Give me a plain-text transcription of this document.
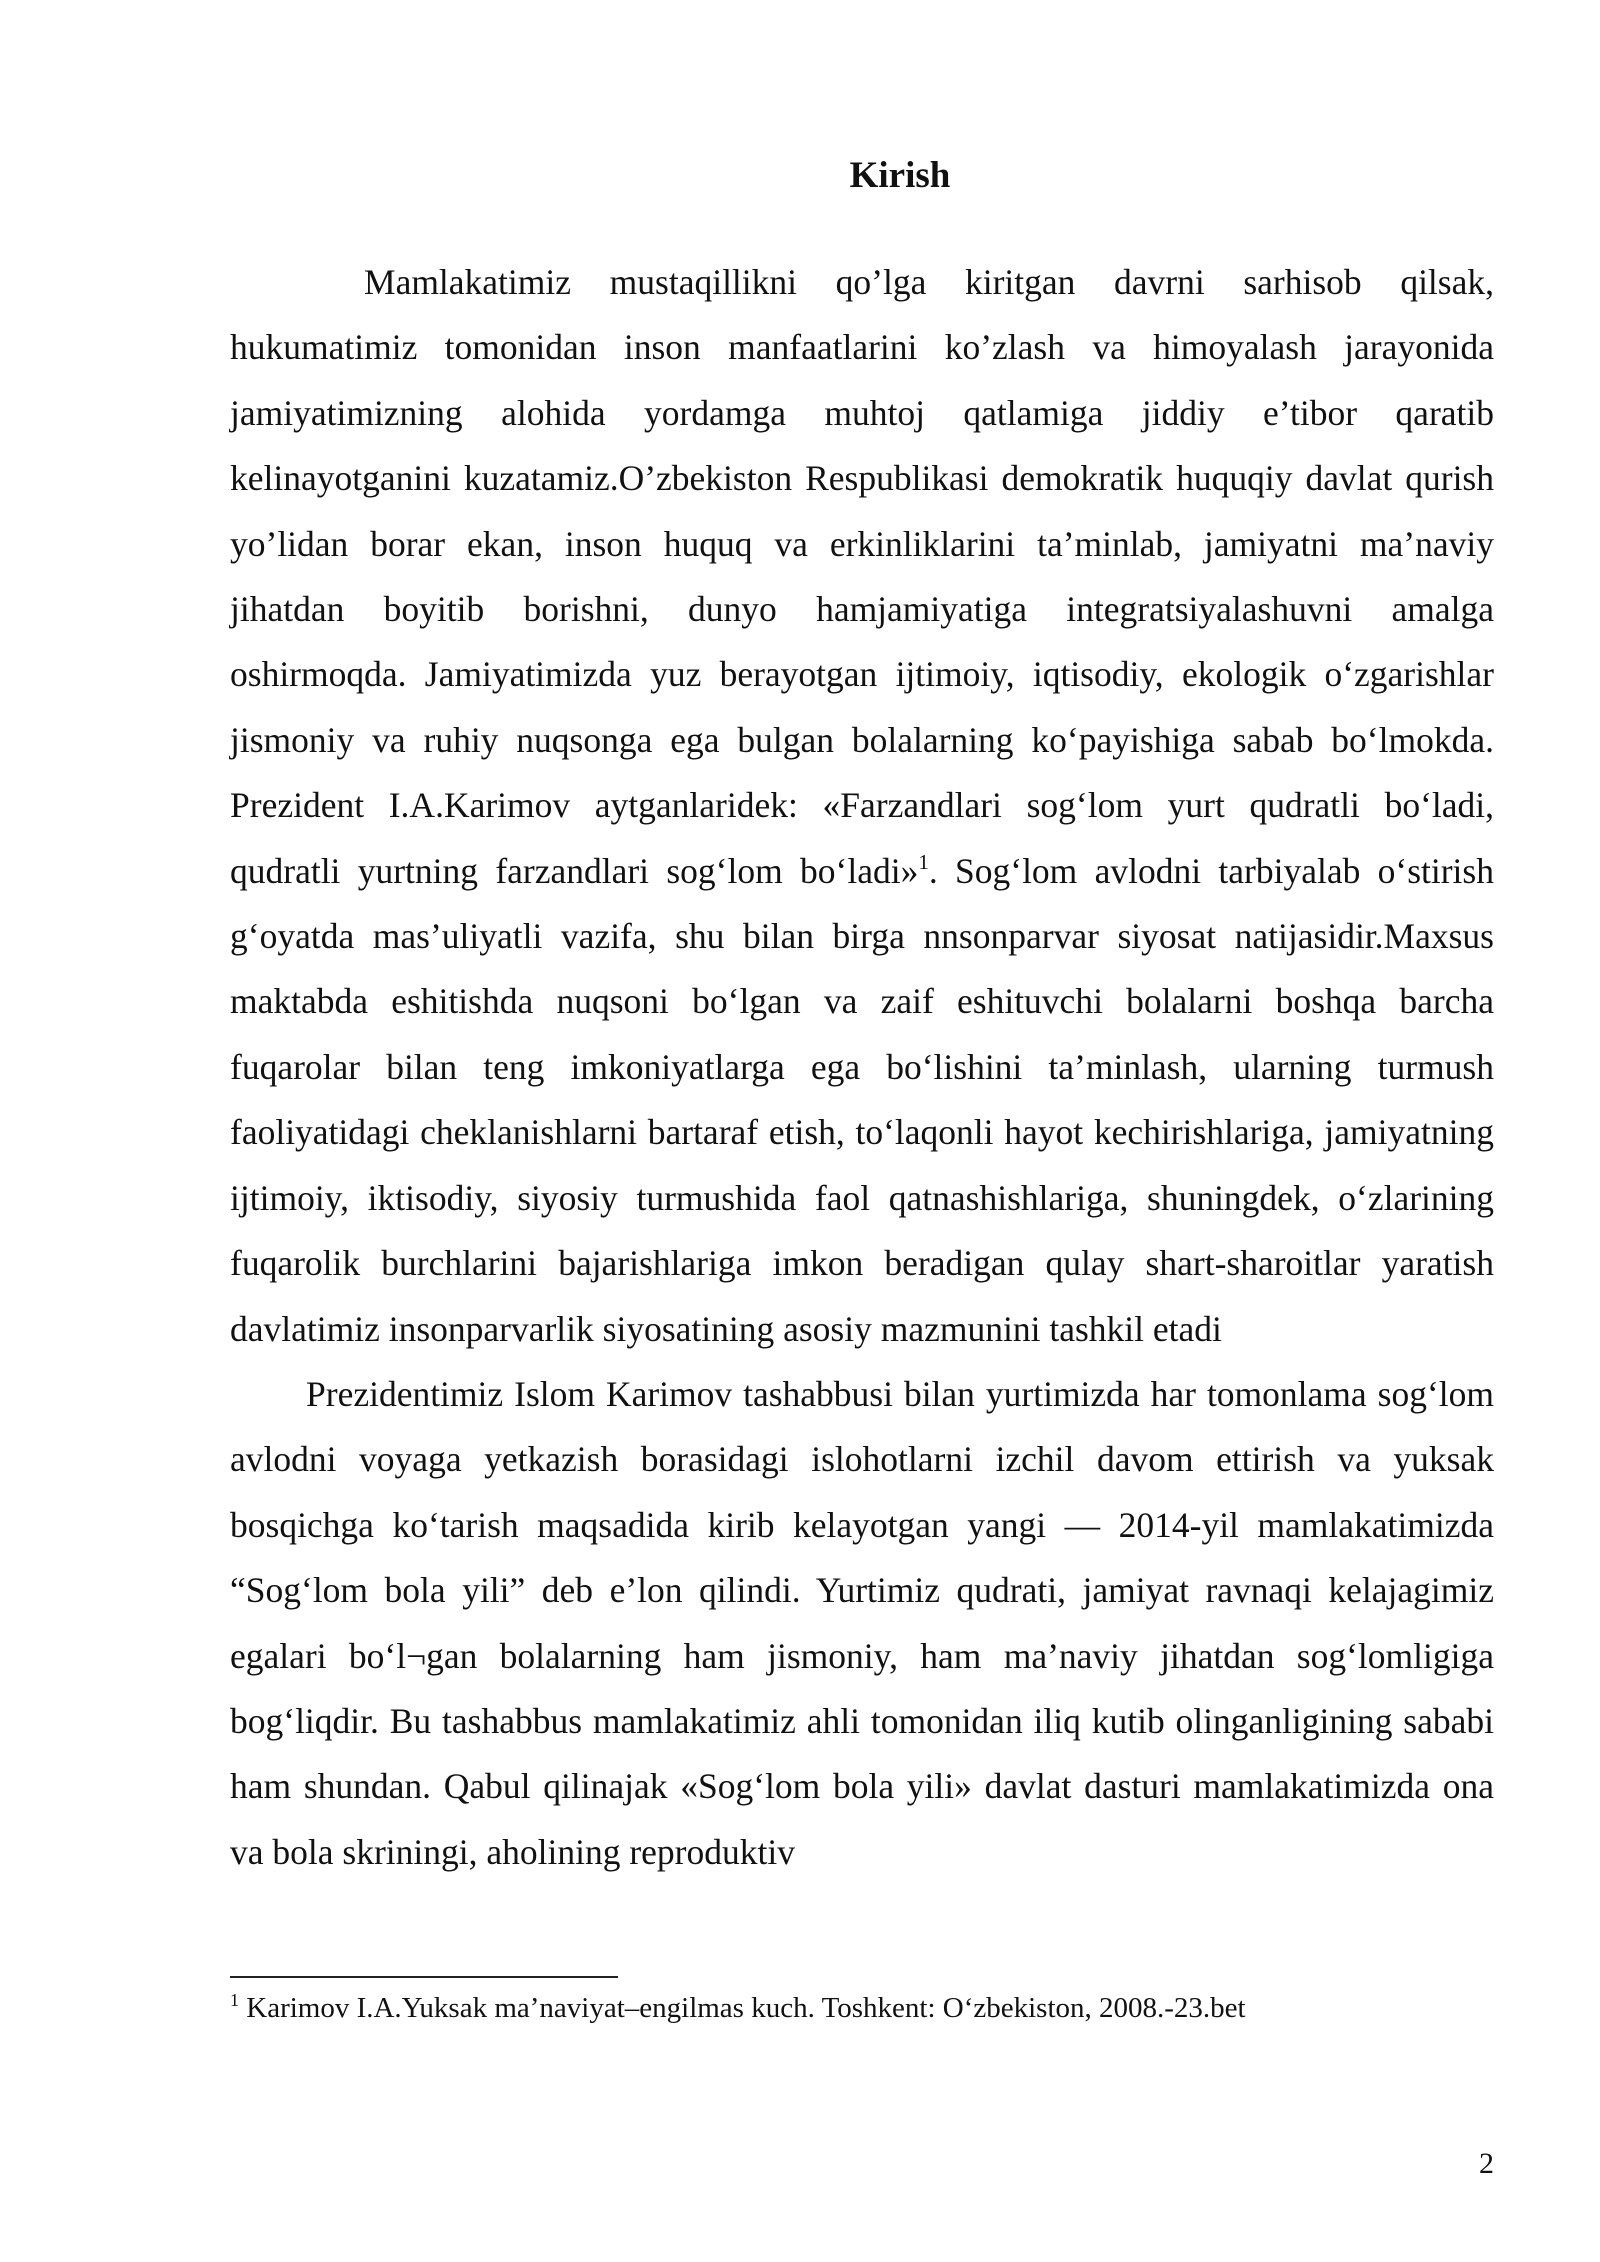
Kirish

Mamlakatimiz mustaqillikni qo’lga kiritgan davrni sarhisob qilsak, hukumatimiz tomonidan inson manfaatlarini ko’zlash va himoyalash jarayonida jamiyatimizning alohida yordamga muhtoj qatlamiga jiddiy e’tibor qaratib kelinayotganini kuzatamiz.O’zbekiston Respublikasi demokratik huquqiy davlat qurish yo’lidan borar ekan, inson huquq va erkinliklarini ta’minlab, jamiyatni ma’naviy jihatdan boyitib borishni, dunyo hamjamiyatiga integratsiyalashuvni amalga oshirmoqda. Jamiyatimizda yuz berayotgan ijtimoiy, iqtisodiy, ekologik o‘zgarishlar jismoniy va ruhiy nuqsonga ega bulgan bolalarning ko‘payishiga sabab bo‘lmokda. Prezident I.A.Karimov aytganlaridek: «Farzandlari sog‘lom yurt qudratli bo‘ladi, qudratli yurtning farzandlari sog‘lom bo‘ladi»$^1$. Sog‘lom avlodni tarbiyalab o‘stirish g‘oyatda mas’uliyatli vazifa, shu bilan birga nnsonparvar siyosat natijasidir.Maxsus maktabda eshitishda nuqsoni bo‘lgan va zaif eshituvchi bolalarni boshqa barcha fuqarolar bilan teng imkoniyatlarga ega bo‘lishini ta’minlash, ularning turmush faoliyatidagi cheklanishlarni bartaraf etish, to‘laqonli hayot kechirishlariga, jamiyatning ijtimoiy, iktisodiy, siyosiy turmushida faol qatnashishlariga, shuningdek, o‘zlarining fuqarolik burchlarini bajarishlariga imkon beradigan qulay shart-sharoitlar yaratish davlatimiz insonparvarlik siyosatining asosiy mazmunini tashkil etadi

Prezidentimiz Islom Karimov tashabbusi bilan yurtimizda har tomonlama sog‘lom avlodni voyaga yetkazish borasidagi islohotlarni izchil davom ettirish va yuksak bosqichga ko‘tarish maqsadida kirib kelayotgan yangi — 2014-yil mamlakatimizda “Sog‘lom bola yili” deb e’lon qilindi. Yurtimiz qudrati, jamiyat ravnaqi kelajagimiz egalari bo‘l¬gan bolalarning ham jismoniy, ham ma’naviy jihatdan sog‘lomligiga bog‘liqdir. Bu tashabbus mamlakatimiz ahli tomonidan iliq kutib olinganligining sababi ham shundan. Qabul qilinajak «Sog‘lom bola yili» davlat dasturi mamlakatimizda ona va bola skriningi, aholining reproduktiv

$^1$ Karimov I.A.Yuksak ma’naviyat–engilmas kuch. Toshkent: O‘zbekiston, 2008.-23.bet

2
